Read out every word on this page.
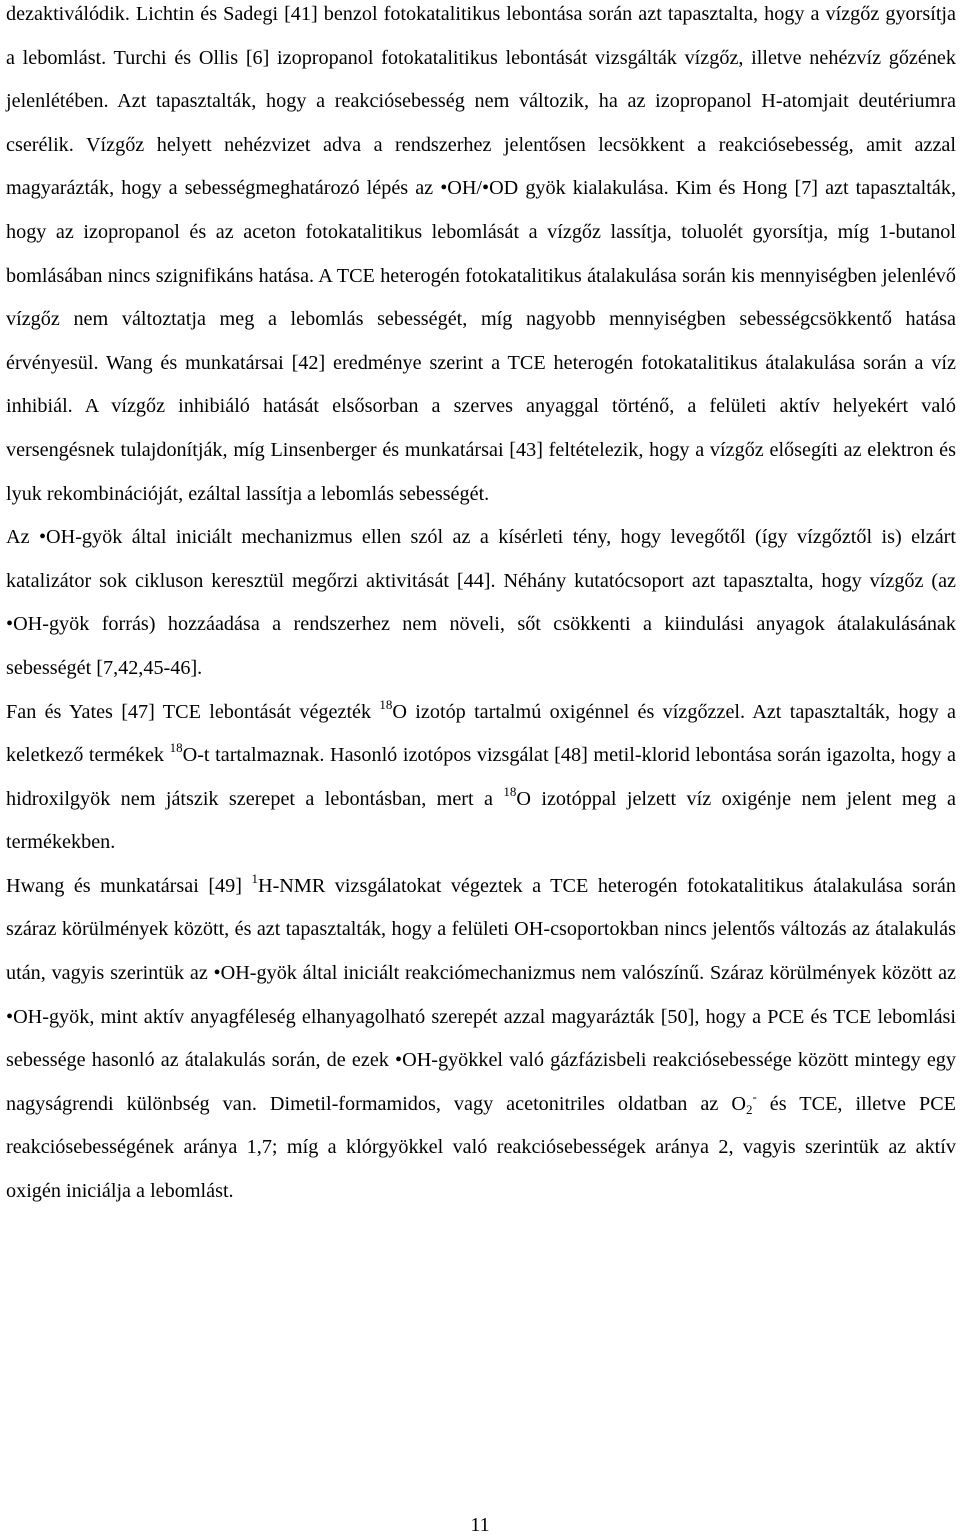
dezaktiválódik. Lichtin és Sadegi [41] benzol fotokatalitikus lebontása során azt tapasztalta, hogy a vízgőz gyorsítja a lebomlást. Turchi és Ollis [6] izopropanol fotokatalitikus lebontását vizsgálták vízgőz, illetve nehézvíz gőzének jelenlétében. Azt tapasztalták, hogy a reakciósebesség nem változik, ha az izopropanol H-atomjait deutériumra cserélik. Vízgőz helyett nehézvizet adva a rendszerhez jelentősen lecsökkent a reakciósebesség, amit azzal magyarázták, hogy a sebességmeghatározó lépés az •OH/•OD gyök kialakulása. Kim és Hong [7] azt tapasztalták, hogy az izopropanol és az aceton fotokatalitikus lebomlását a vízgőz lassítja, toluolét gyorsítja, míg 1-butanol bomlásában nincs szignifikáns hatása. A TCE heterogén fotokatalitikus átalakulása során kis mennyiségben jelenlévő vízgőz nem változtatja meg a lebomlás sebességét, míg nagyobb mennyiségben sebességcsökkentő hatása érvényesül. Wang és munkatársai [42] eredménye szerint a TCE heterogén fotokatalitikus átalakulása során a víz inhibiál. A vízgőz inhibiáló hatását elsősorban a szerves anyaggal történő, a felületi aktív helyekért való versengésnek tulajdonítják, míg Linsenberger és munkatársai [43] feltételezik, hogy a vízgőz elősegíti az elektron és lyuk rekombinációját, ezáltal lassítja a lebomlás sebességét.

Az •OH-gyök által iniciált mechanizmus ellen szól az a kísérleti tény, hogy levegőtől (így vízgőztől is) elzárt katalizátor sok cikluson keresztül megőrzi aktivitását [44]. Néhány kutatócsoport azt tapasztalta, hogy vízgőz (az •OH-gyök forrás) hozzáadása a rendszerhez nem növeli, sőt csökkenti a kiindulási anyagok átalakulásának sebességét [7,42,45-46].

Fan és Yates [47] TCE lebontását végezték $^{18}$O izotóp tartalmú oxigénnel és vízgőzzel. Azt tapasztalták, hogy a keletkező termékek $^{18}$O-t tartalmaznak. Hasonló izotópos vizsgálat [48] metil-klorid lebontása során igazolta, hogy a hidroxilgyök nem játszik szerepet a lebontásban, mert a $^{18}$O izotóppal jelzett víz oxigénje nem jelent meg a termékekben.

Hwang és munkatársai [49] $^1$H-NMR vizsgálatokat végeztek a TCE heterogén fotokatalitikus átalakulása során száraz körülmények között, és azt tapasztalták, hogy a felületi OH-csoportokban nincs jelentős változás az átalakulás után, vagyis szerintük az •OH-gyök által iniciált reakciómechanizmus nem valószínű. Száraz körülmények között az •OH-gyök, mint aktív anyagféleség elhanyagolható szerepét azzal magyarázták [50], hogy a PCE és TCE lebomlási sebessége hasonló az átalakulás során, de ezek •OH-gyökkel való gázfázisbeli reakciósebessége között mintegy egy nagyságrendi különbség van. Dimetil-formamidos, vagy acetonitriles oldatban az $O_2^-$ és TCE, illetve PCE reakciósebességének aránya 1,7; míg a klórgyökkel való reakciósebességek aránya 2, vagyis szerintük az aktív oxigén iniciálja a lebomlást.

11
